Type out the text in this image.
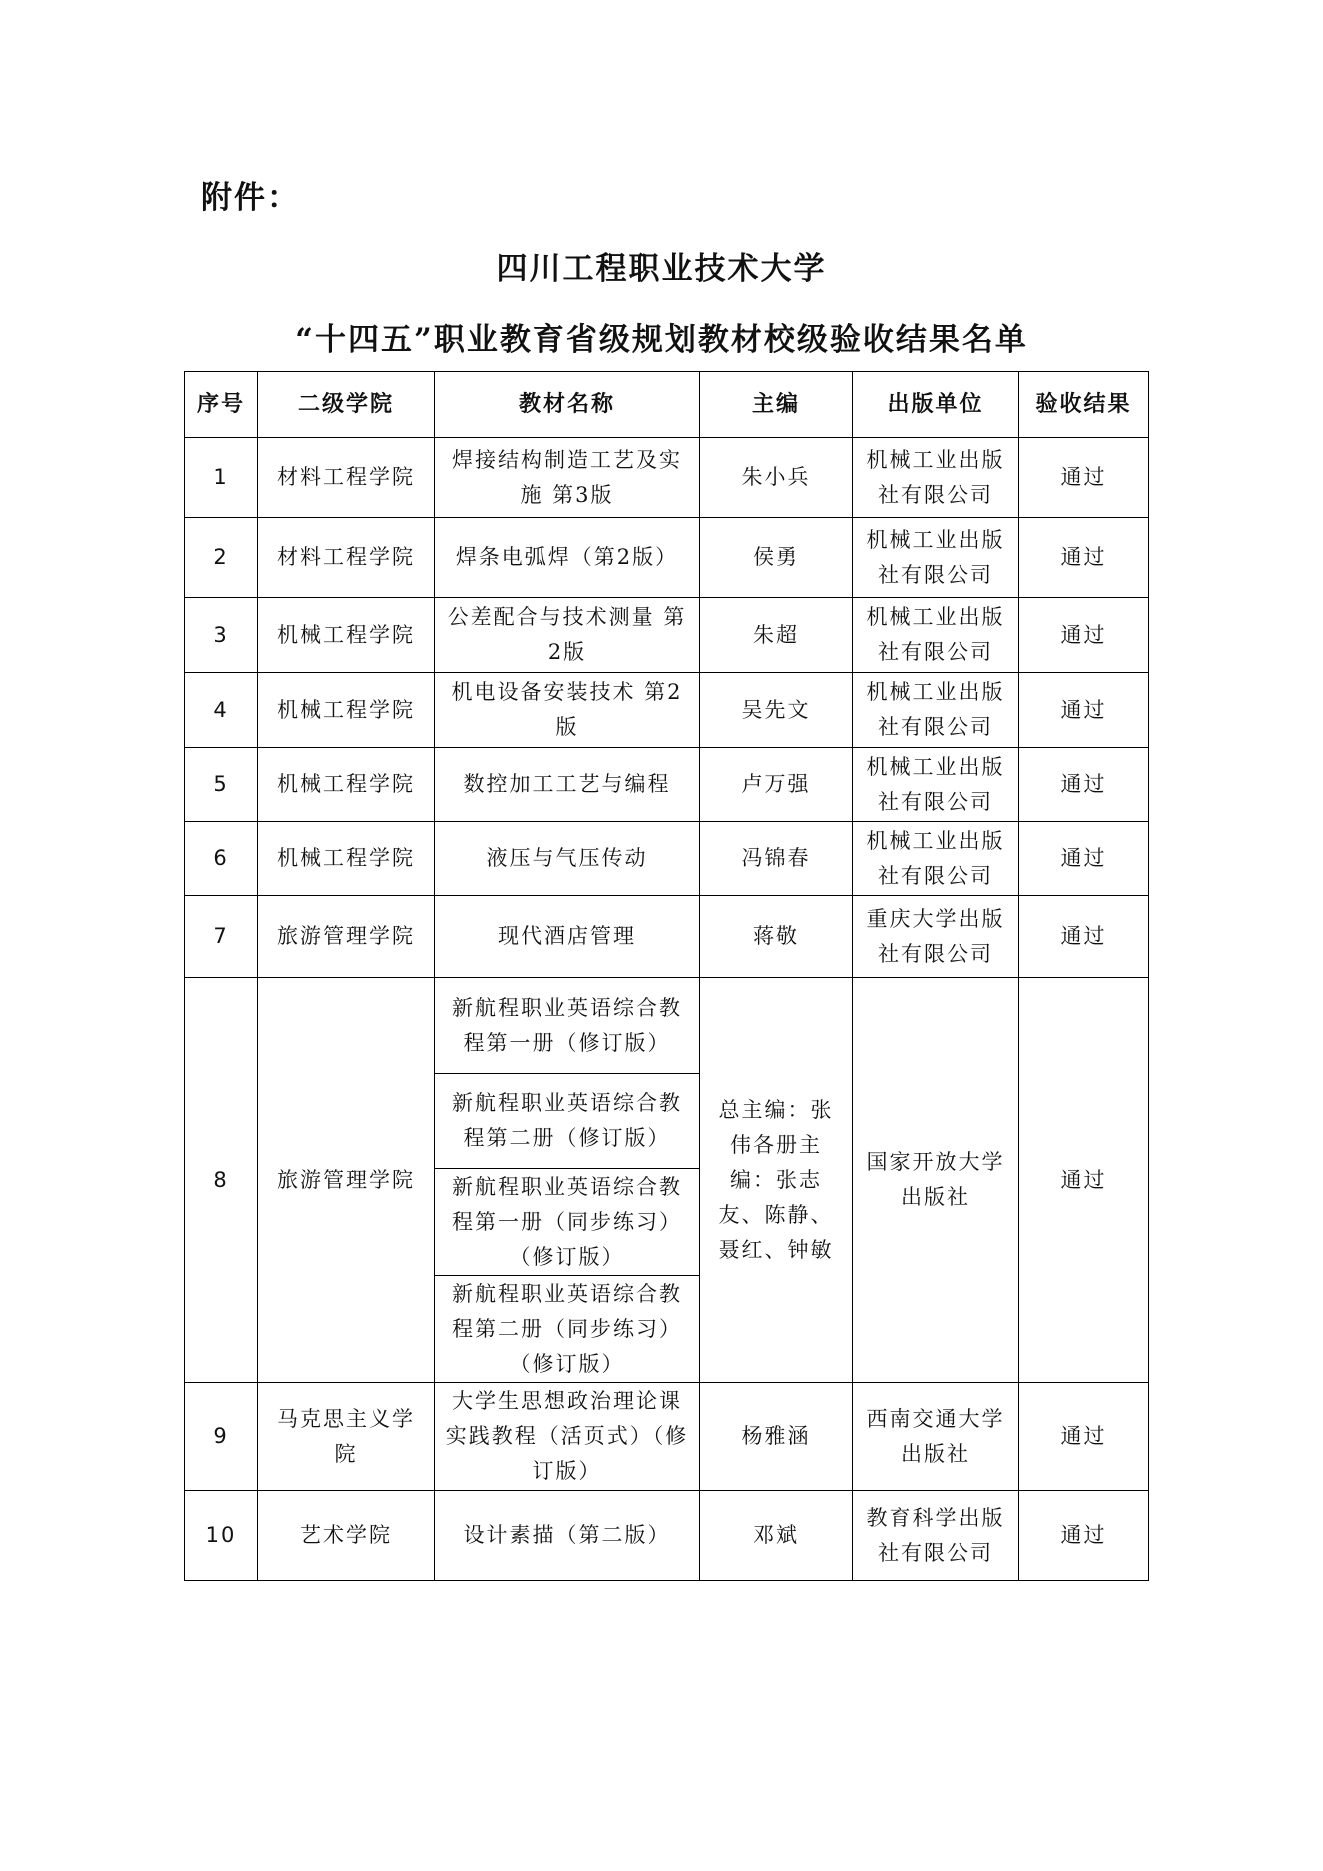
附件：
四川工程职业技术大学
“十四五”职业教育省级规划教材校级验收结果名单
序号	二级学院	教材名称	主编	出版单位	验收结果
1	材料工程学院	焊接结构制造工艺及实施 第3版	朱小兵	机械工业出版社有限公司	通过
2	材料工程学院	焊条电弧焊（第2版）	侯勇	机械工业出版社有限公司	通过
3	机械工程学院	公差配合与技术测量 第2版	朱超	机械工业出版社有限公司	通过
4	机械工程学院	机电设备安装技术 第2版	吴先文	机械工业出版社有限公司	通过
5	机械工程学院	数控加工工艺与编程	卢万强	机械工业出版社有限公司	通过
6	机械工程学院	液压与气压传动	冯锦春	机械工业出版社有限公司	通过
7	旅游管理学院	现代酒店管理	蒋敬	重庆大学出版社有限公司	通过
8	旅游管理学院	新航程职业英语综合教程第一册（修订版）	总主编：张伟各册主编：张志友、陈静、聂红、钟敏	国家开放大学出版社	通过
		新航程职业英语综合教程第二册（修订版）			
		新航程职业英语综合教程第一册（同步练习）（修订版）			
		新航程职业英语综合教程第二册（同步练习）（修订版）			
9	马克思主义学院	大学生思想政治理论课实践教程（活页式）（修订版）	杨雅涵	西南交通大学出版社	通过
10	艺术学院	设计素描（第二版）	邓斌	教育科学出版社有限公司	通过
